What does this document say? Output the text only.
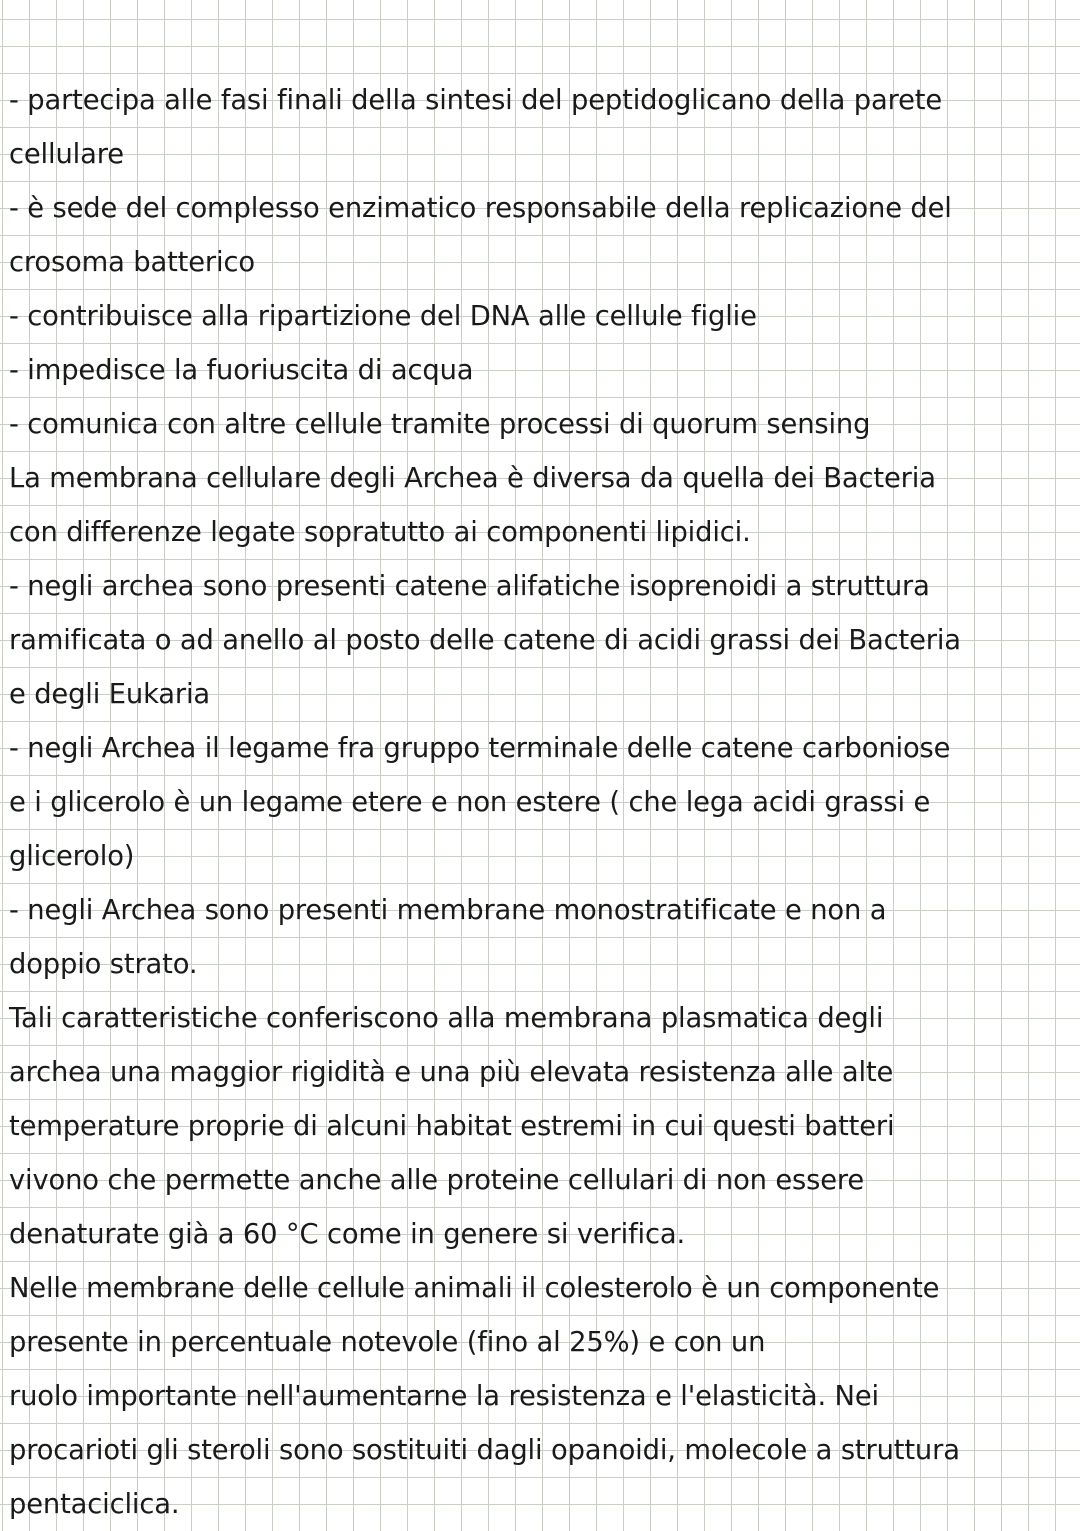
- partecipa alle fasi finali della sintesi del peptidoglicano della parete
cellulare
- è sede del complesso enzimatico responsabile della replicazione del
crosoma batterico
- contribuisce alla ripartizione del DNA alle cellule figlie
- impedisce la fuoriuscita di acqua
- comunica con altre cellule tramite processi di quorum sensing
La membrana cellulare degli Archea è diversa da quella dei Bacteria
con differenze legate sopratutto ai componenti lipidici.
- negli archea sono presenti catene alifatiche isoprenoidi a struttura
ramificata o ad anello al posto delle catene di acidi grassi dei Bacteria
e degli Eukaria
- negli Archea il legame fra gruppo terminale delle catene carboniose
e i glicerolo è un legame etere e non estere ( che lega acidi grassi e
glicerolo)
- negli Archea sono presenti membrane monostratificate e non a
doppio strato.
Tali caratteristiche conferiscono alla membrana plasmatica degli
archea una maggior rigidità e una più elevata resistenza alle alte
temperature proprie di alcuni habitat estremi in cui questi batteri
vivono che permette anche alle proteine cellulari di non essere
denaturate già a 60 °C come in genere si verifica.
Nelle membrane delle cellule animali il colesterolo è un componente
presente in percentuale notevole (fino al 25%) e con un
ruolo importante nell'aumentarne la resistenza e l'elasticità. Nei
procarioti gli steroli sono sostituiti dagli opanoidi, molecole a struttura
pentaciclica.
